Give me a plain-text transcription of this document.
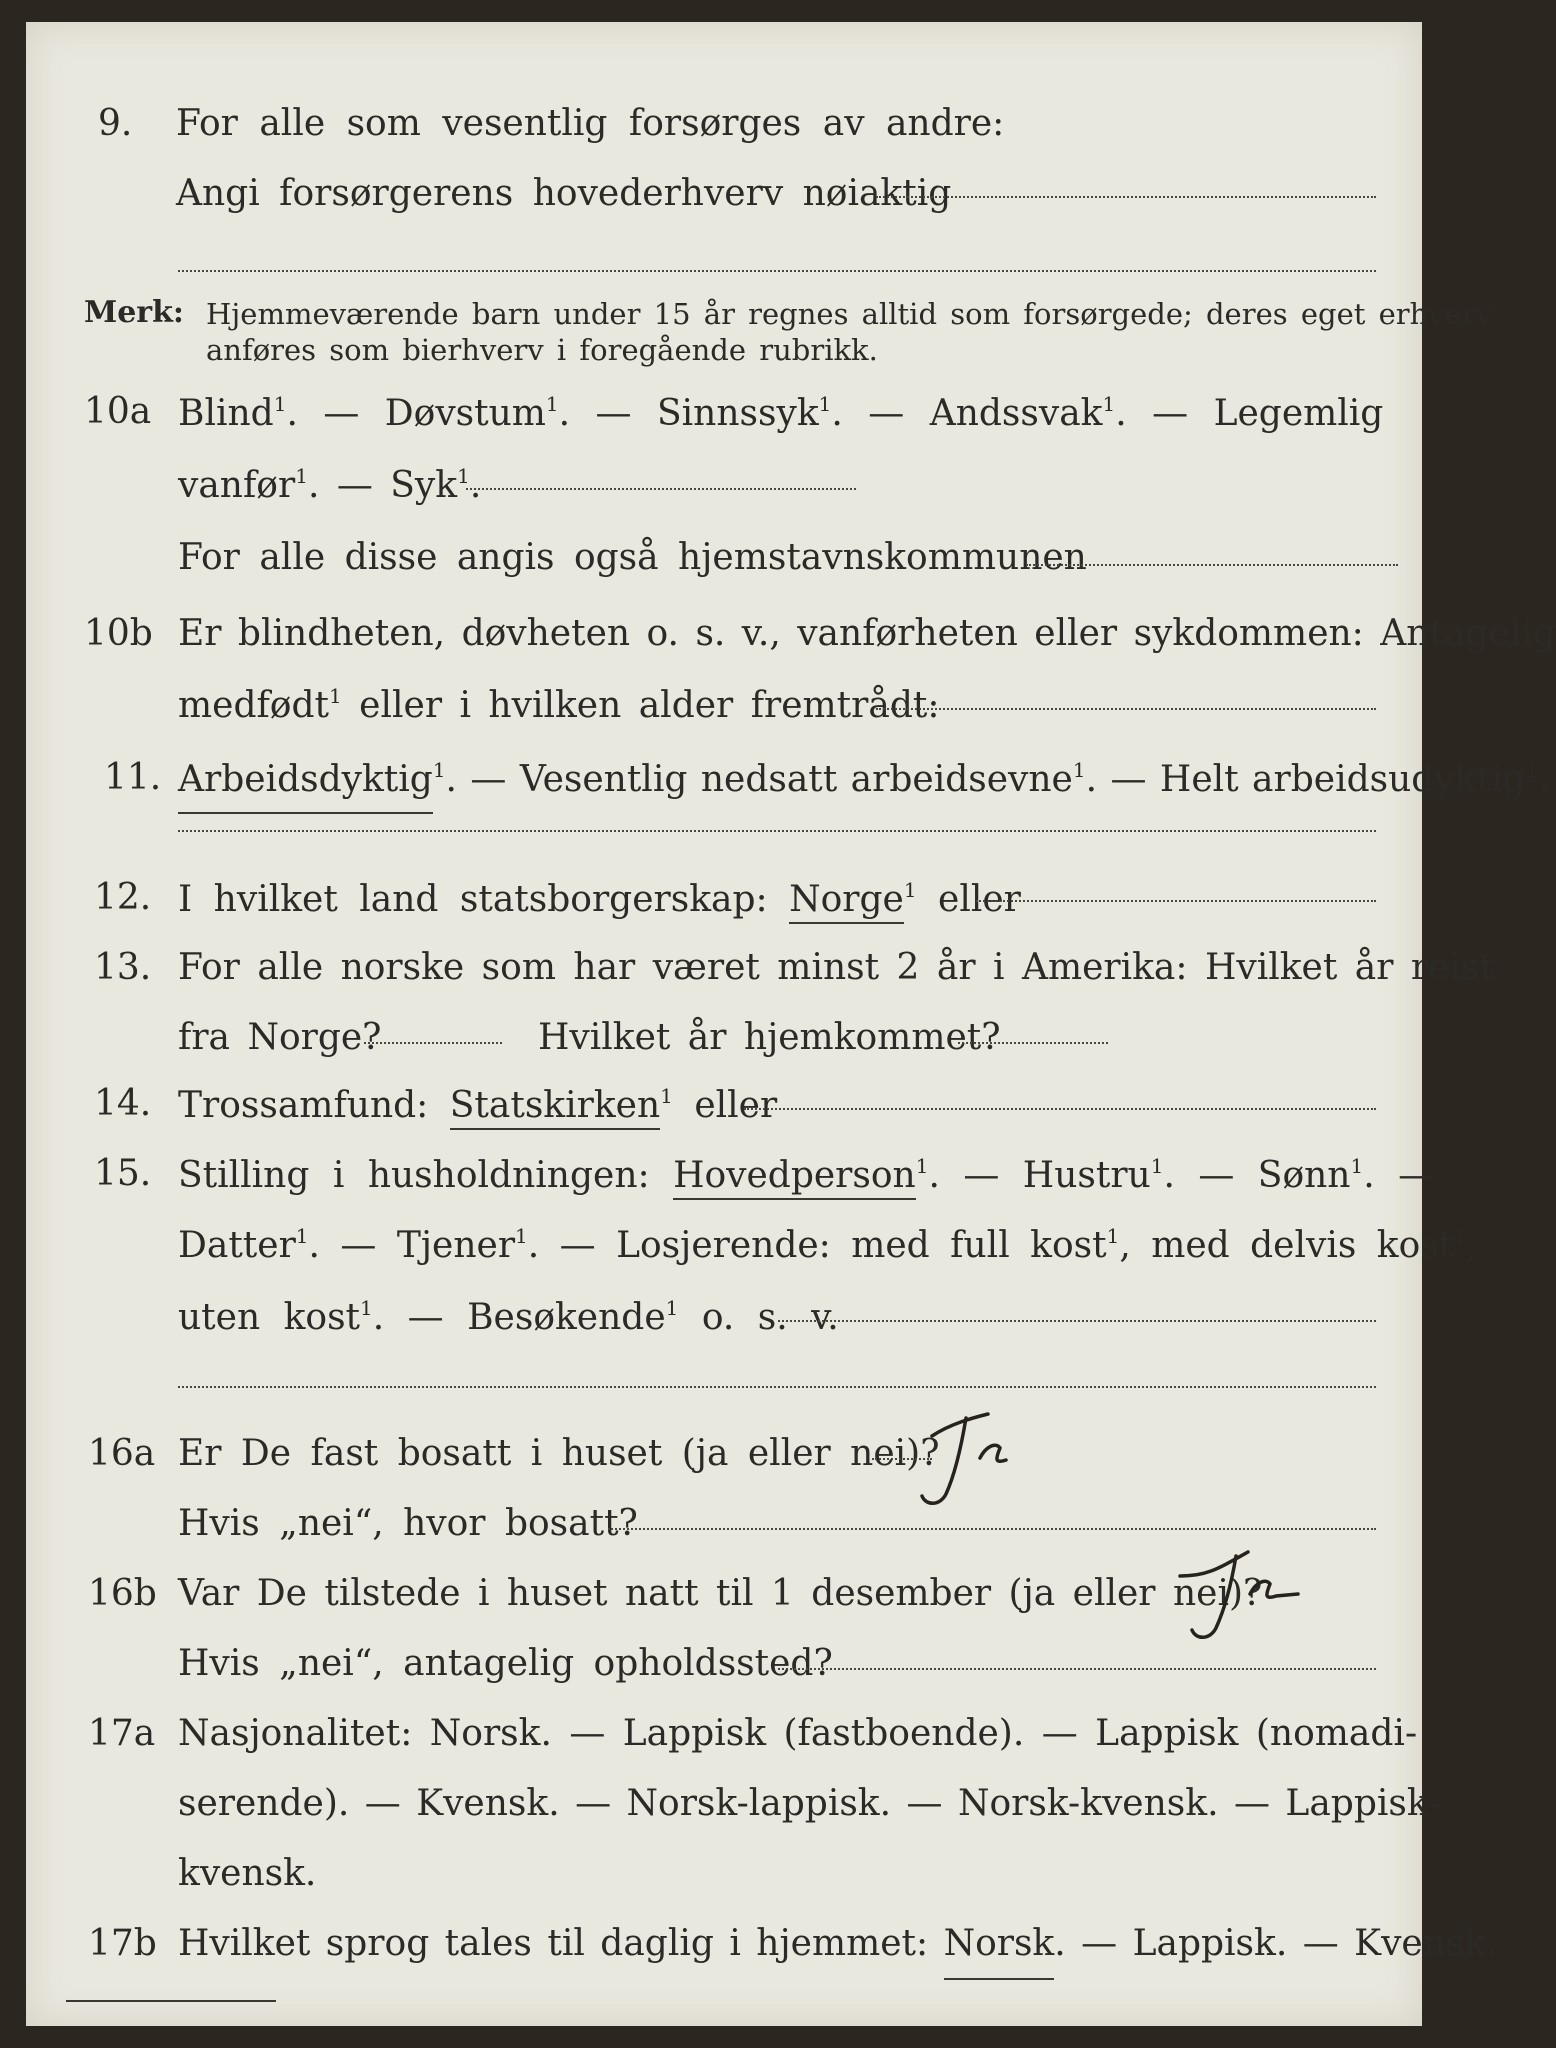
9. For alle som vesentlig forsørges av andre:
Angi forsørgerens hovederhverv nøiaktig
Merk: Hjemmeværende barn under 15 år regnes alltid som forsørgede; deres eget erhverv
anføres som bierhverv i foregående rubrikk.
10a Blind$^1$. — Døvstum$^1$. — Sinnssyk$^1$. — Andssvak$^1$. — Legemlig
vanfør$^1$. — Syk$^1$.
For alle disse angis også hjemstavnskommunen
10b Er blindheten, døvheten o. s. v., vanførheten eller sykdommen: Antagelig
medfødt$^1$ eller i hvilken alder fremtrådt:
11. Arbeidsdyktig$^1$. — Vesentlig nedsatt arbeidsevne$^1$. — Helt arbeidsudyktig$^1$.
12. I hvilket land statsborgerskap: Norge$^1$ eller
13. For alle norske som har været minst 2 år i Amerika: Hvilket år reist
fra Norge?	Hvilket år hjemkommet?
14. Trossamfund: Statskirken$^1$ eller
15. Stilling i husholdningen: Hovedperson$^1$. — Hustru$^1$. — Sønn$^1$. —
Datter$^1$. — Tjener$^1$. — Losjerende: med full kost$^1$, med delvis kost$^1$,
uten kost$^1$. — Besøkende$^1$ o. s. v.
16a Er De fast bosatt i huset (ja eller nei)?
Hvis „nei“, hvor bosatt?
16b Var De tilstede i huset natt til 1 desember (ja eller nei)?
Hvis „nei“, antagelig opholdssted?
17a Nasjonalitet: Norsk. — Lappisk (fastboende). — Lappisk (nomadi-
serende). — Kvensk. — Norsk-lappisk. — Norsk-kvensk. — Lappisk-
kvensk.
17b Hvilket sprog tales til daglig i hjemmet: Norsk. — Lappisk. — Kvensk.
